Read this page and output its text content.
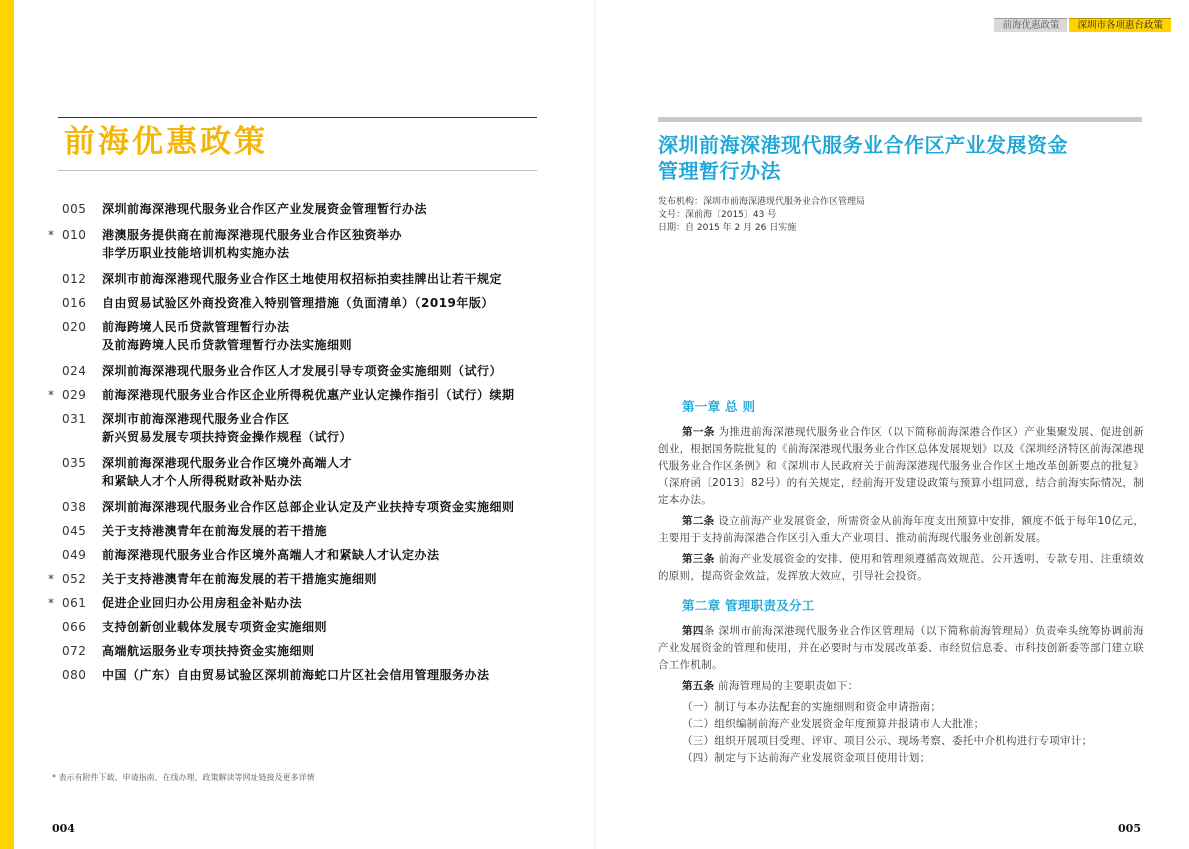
前海优惠政策	深圳市各项惠台政策
前海优惠政策
005	深圳前海深港现代服务业合作区产业发展资金管理暂行办法
* 010	港澳服务提供商在前海深港现代服务业合作区独资举办
非学历职业技能培训机构实施办法
012	深圳市前海深港现代服务业合作区土地使用权招标拍卖挂牌出让若干规定
016	自由贸易试验区外商投资准入特别管理措施（负面清单）（2019年版）
020	前海跨境人民币贷款管理暂行办法
及前海跨境人民币贷款管理暂行办法实施细则
024	深圳前海深港现代服务业合作区人才发展引导专项资金实施细则（试行）
* 029	前海深港现代服务业合作区企业所得税优惠产业认定操作指引（试行）续期
031	深圳市前海深港现代服务业合作区
新兴贸易发展专项扶持资金操作规程（试行）
035	深圳前海深港现代服务业合作区境外高端人才
和紧缺人才个人所得税财政补贴办法
038	深圳前海深港现代服务业合作区总部企业认定及产业扶持专项资金实施细则
045	关于支持港澳青年在前海发展的若干措施
049	前海深港现代服务业合作区境外高端人才和紧缺人才认定办法
* 052	关于支持港澳青年在前海发展的若干措施实施细则
* 061	促进企业回归办公用房租金补贴办法
066	支持创新创业载体发展专项资金实施细则
072	高端航运服务业专项扶持资金实施细则
080	中国（广东）自由贸易试验区深圳前海蛇口片区社会信用管理服务办法
* 表示有附件下载、申请指南、在线办理、政策解读等网址链接及更多详情
004
深圳前海深港现代服务业合作区产业发展资金
管理暂行办法
发布机构：深圳市前海深港现代服务业合作区管理局
文号：深前海〔2015〕43 号
日期：自 2015 年 2 月 26 日实施
第一章 总 则

第一条 为推进前海深港现代服务业合作区（以下简称前海深港合作区）产业集聚发展、促进创新创业，根据国务院批复的《前海深港现代服务业合作区总体发展规划》以及《深圳经济特区前海深港现代服务业合作区条例》和《深圳市人民政府关于前海深港现代服务业合作区土地改革创新要点的批复》（深府函〔2013〕82号）的有关规定，经前海开发建设政策与预算小组同意，结合前海实际情况，制定本办法。

第二条 设立前海产业发展资金，所需资金从前海年度支出预算中安排，额度不低于每年10亿元，主要用于支持前海深港合作区引入重大产业项目、推动前海现代服务业创新发展。

第三条 前海产业发展资金的安排、使用和管理须遵循高效规范、公开透明、专款专用、注重绩效的原则，提高资金效益，发挥放大效应，引导社会投资。

第二章 管理职责及分工

第四条 深圳市前海深港现代服务业合作区管理局（以下简称前海管理局）负责牵头统筹协调前海产业发展资金的管理和使用，并在必要时与市发展改革委、市经贸信息委、市科技创新委等部门建立联合工作机制。

第五条 前海管理局的主要职责如下：

（一）制订与本办法配套的实施细则和资金申请指南；

（二）组织编制前海产业发展资金年度预算并报请市人大批准；

（三）组织开展项目受理、评审、项目公示、现场考察、委托中介机构进行专项审计；

（四）制定与下达前海产业发展资金项目使用计划；

005
